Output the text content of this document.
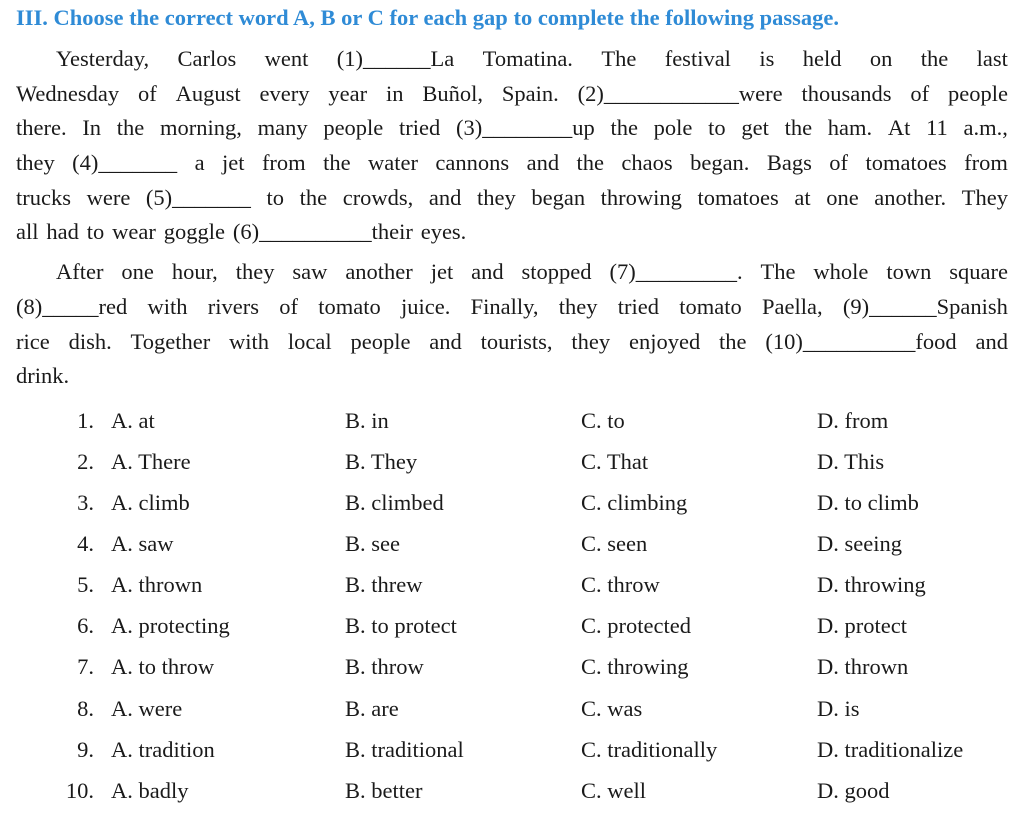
III. Choose the correct word A, B or C for each gap to complete the following passage.
Yesterday, Carlos went (1)______La Tomatina. The festival is held on the last
Wednesday of August every year in Buñol, Spain. (2)____________were thousands of people
there. In the morning, many people tried (3)________up the pole to get the ham. At 11 a.m.,
they (4)_______ a jet from the water cannons and the chaos began. Bags of tomatoes from
trucks were (5)_______ to the crowds, and they began throwing tomatoes at one another. They
all had to wear goggle (6)__________their eyes.
After one hour, they saw another jet and stopped (7)_________. The whole town square
(8)_____red with rivers of tomato juice. Finally, they tried tomato Paella, (9)______Spanish
rice dish. Together with local people and tourists, they enjoyed the (10)__________food and
drink.
1. A. at	B. in	C. to	D. from
2. A. There	B. They	C. That	D. This
3. A. climb	B. climbed	C. climbing	D. to climb
4. A. saw	B. see	C. seen	D. seeing
5. A. thrown	B. threw	C. throw	D. throwing
6. A. protecting	B. to protect	C. protected	D. protect
7. A. to throw	B. throw	C. throwing	D. thrown
8. A. were	B. are	C. was	D. is
9. A. tradition	B. traditional	C. traditionally	D. traditionalize
10. A. badly	B. better	C. well	D. good
